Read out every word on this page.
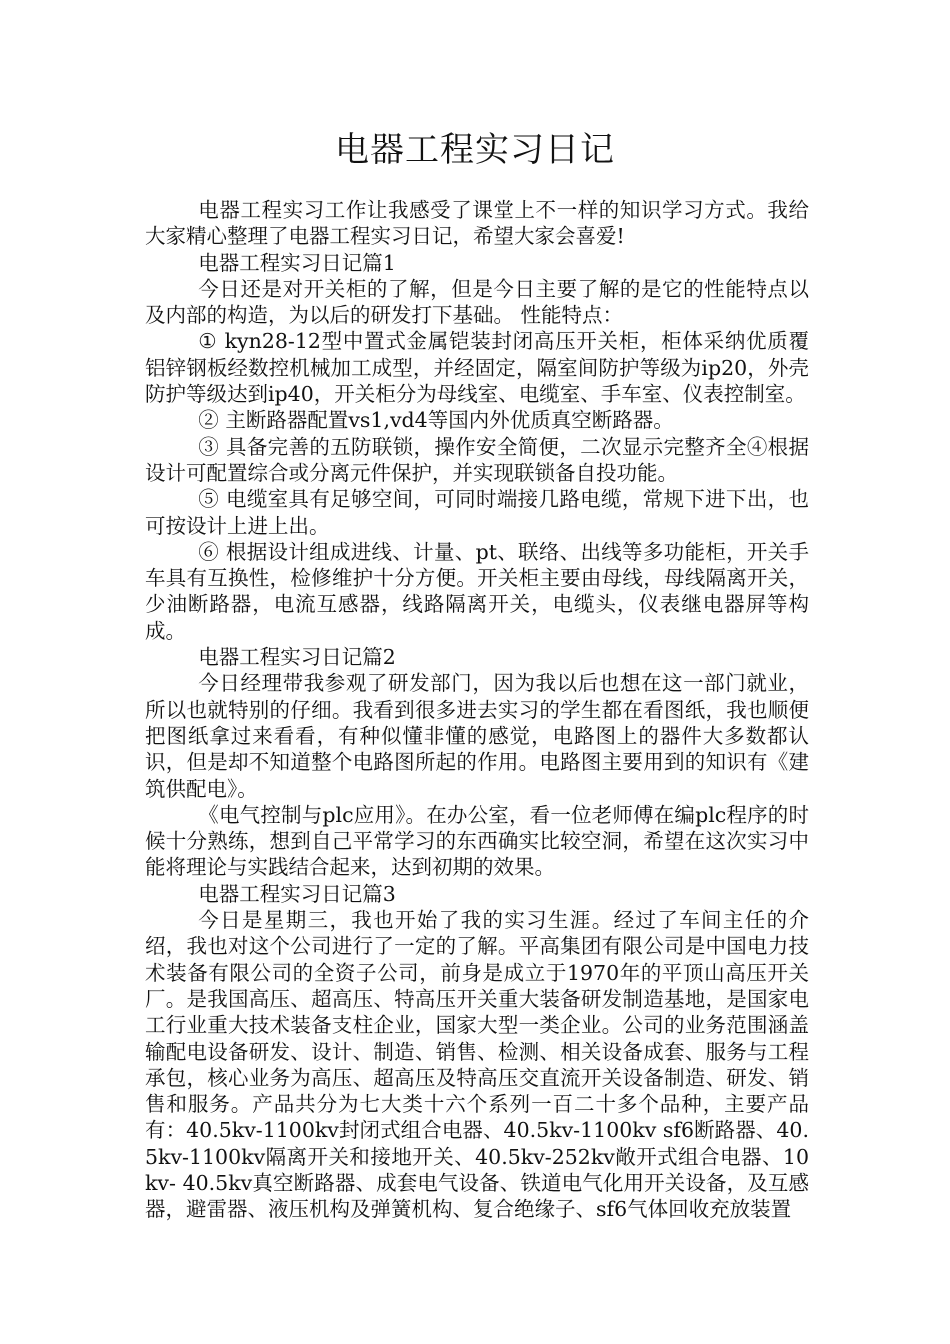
电器工程实习日记

电器工程实习工作让我感受了课堂上不一样的知识学习方式。我给大家精心整理了电器工程实习日记，希望大家会喜爱!

电器工程实习日记篇1

今日还是对开关柜的了解，但是今日主要了解的是它的性能特点以及内部的构造，为以后的研发打下基础。 性能特点：

① kyn28-12型中置式金属铠装封闭高压开关柜，柜体采纳优质覆铝锌钢板经数控机械加工成型，并经固定，隔室间防护等级为ip20，外壳防护等级达到ip40，开关柜分为母线室、电缆室、手车室、仪表控制室。

② 主断路器配置vs1,vd4等国内外优质真空断路器。

③ 具备完善的五防联锁，操作安全简便，二次显示完整齐全④根据设计可配置综合或分离元件保护，并实现联锁备自投功能。

⑤ 电缆室具有足够空间，可同时端接几路电缆，常规下进下出，也可按设计上进上出。

⑥ 根据设计组成进线、计量、pt、联络、出线等多功能柜，开关手车具有互换性，检修维护十分方便。开关柜主要由母线，母线隔离开关，少油断路器，电流互感器，线路隔离开关，电缆头，仪表继电器屏等构成。

电器工程实习日记篇2

今日经理带我参观了研发部门，因为我以后也想在这一部门就业，所以也就特别的仔细。我看到很多进去实习的学生都在看图纸，我也顺便把图纸拿过来看看，有种似懂非懂的感觉，电路图上的器件大多数都认识，但是却不知道整个电路图所起的作用。电路图主要用到的知识有《建筑供配电》。

《电气控制与plc应用》。在办公室，看一位老师傅在编plc程序的时候十分熟练，想到自己平常学习的东西确实比较空洞，希望在这次实习中能将理论与实践结合起来，达到初期的效果。

电器工程实习日记篇3

今日是星期三，我也开始了我的实习生涯。经过了车间主任的介绍，我也对这个公司进行了一定的了解。平高集团有限公司是中国电力技术装备有限公司的全资子公司，前身是成立于1970年的平顶山高压开关厂。是我国高压、超高压、特高压开关重大装备研发制造基地，是国家电工行业重大技术装备支柱企业，国家大型一类企业。公司的业务范围涵盖输配电设备研发、设计、制造、销售、检测、相关设备成套、服务与工程承包，核心业务为高压、超高压及特高压交直流开关设备制造、研发、销售和服务。产品共分为七大类十六个系列一百二十多个品种，主要产品有：40.5kv-1100kv封闭式组合电器、40.5kv-1100kv sf6断路器、40.5kv-1100kv隔离开关和接地开关、40.5kv-252kv敞开式组合电器、10kv- 40.5kv真空断路器、成套电气设备、铁道电气化用开关设备，及互感器，避雷器、液压机构及弹簧机构、复合绝缘子、sf6气体回收充放装置
